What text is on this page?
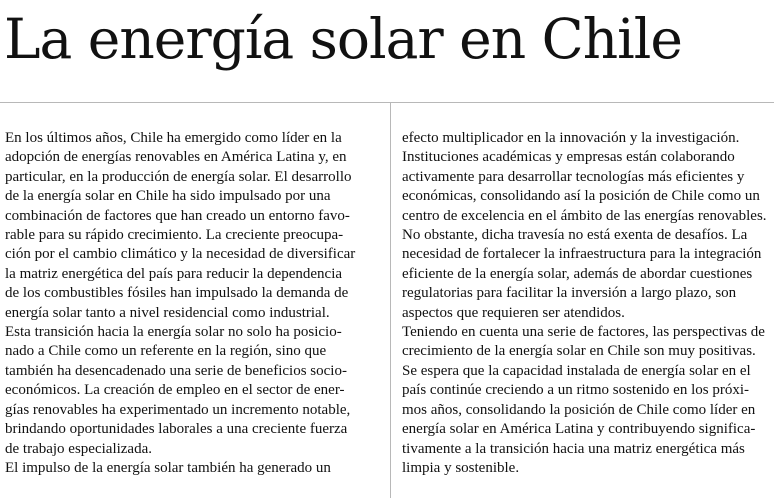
La energía solar en Chile
En los últimos años, Chile ha emergido como líder en la
adopción de energías renovables en América Latina y, en
particular, en la producción de energía solar. El desarrollo
de la energía solar en Chile ha sido impulsado por una
combinación de factores que han creado un entorno favo-
rable para su rápido crecimiento. La creciente preocupa-
ción por el cambio climático y la necesidad de diversificar
la matriz energética del país para reducir la dependencia
de los combustibles fósiles han impulsado la demanda de
energía solar tanto a nivel residencial como industrial.
Esta transición hacia la energía solar no solo ha posicio-
nado a Chile como un referente en la región, sino que
también ha desencadenado una serie de beneficios socio-
económicos. La creación de empleo en el sector de ener-
gías renovables ha experimentado un incremento notable,
brindando oportunidades laborales a una creciente fuerza
de trabajo especializada.
El impulso de la energía solar también ha generado un
efecto multiplicador en la innovación y la investigación.
Instituciones académicas y empresas están colaborando
activamente para desarrollar tecnologías más eficientes y
económicas, consolidando así la posición de Chile como un
centro de excelencia en el ámbito de las energías renovables.
No obstante, dicha travesía no está exenta de desafíos. La
necesidad de fortalecer la infraestructura para la integración
eficiente de la energía solar, además de abordar cuestiones
regulatorias para facilitar la inversión a largo plazo, son
aspectos que requieren ser atendidos.
Teniendo en cuenta una serie de factores, las perspectivas de
crecimiento de la energía solar en Chile son muy positivas.
Se espera que la capacidad instalada de energía solar en el
país continúe creciendo a un ritmo sostenido en los próxi-
mos años, consolidando la posición de Chile como líder en
energía solar en América Latina y contribuyendo significa-
tivamente a la transición hacia una matriz energética más
limpia y sostenible.
